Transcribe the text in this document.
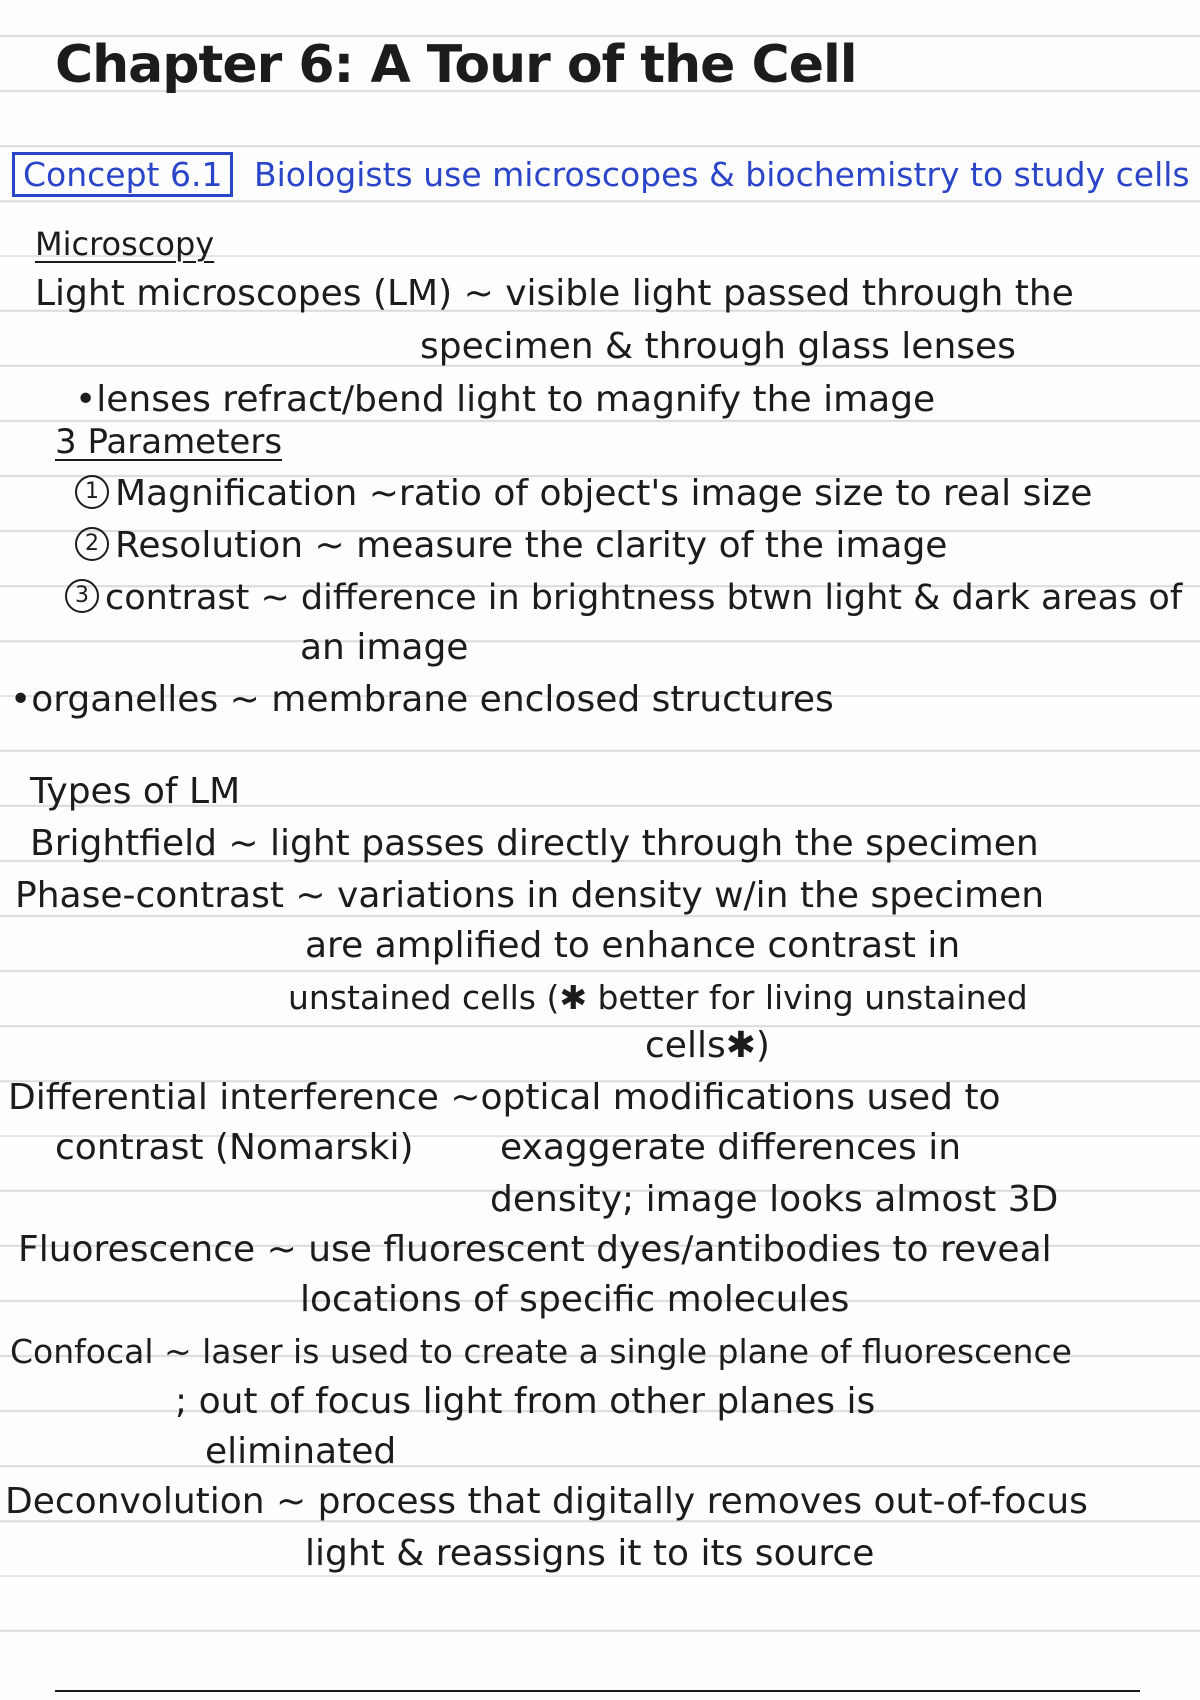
Chapter 6: A Tour of the Cell
Concept 6.1 Biologists use microscopes & biochemistry to study cells
Microscopy
Light microscopes (LM) ~ visible light passed through the
specimen & through glass lenses
•lenses refract/bend light to magnify the image
3 Parameters
1 Magnification ~ratio of object's image size to real size
2 Resolution ~ measure the clarity of the image
3 contrast ~ difference in brightness btwn light & dark areas of
an image
•organelles ~ membrane enclosed structures
Types of LM
Brightfield ~ light passes directly through the specimen
Phase-contrast ~ variations in density w/in the specimen
are amplified to enhance contrast in
unstained cells (✱ better for living unstained
cells✱)
Differential interference ~optical modifications used to
contrast (Nomarski) exaggerate differences in
density; image looks almost 3D
Fluorescence ~ use fluorescent dyes/antibodies to reveal
locations of specific molecules
Confocal ~ laser is used to create a single plane of fluorescence
; out of focus light from other planes is
eliminated
Deconvolution ~ process that digitally removes out-of-focus
light & reassigns it to its source
